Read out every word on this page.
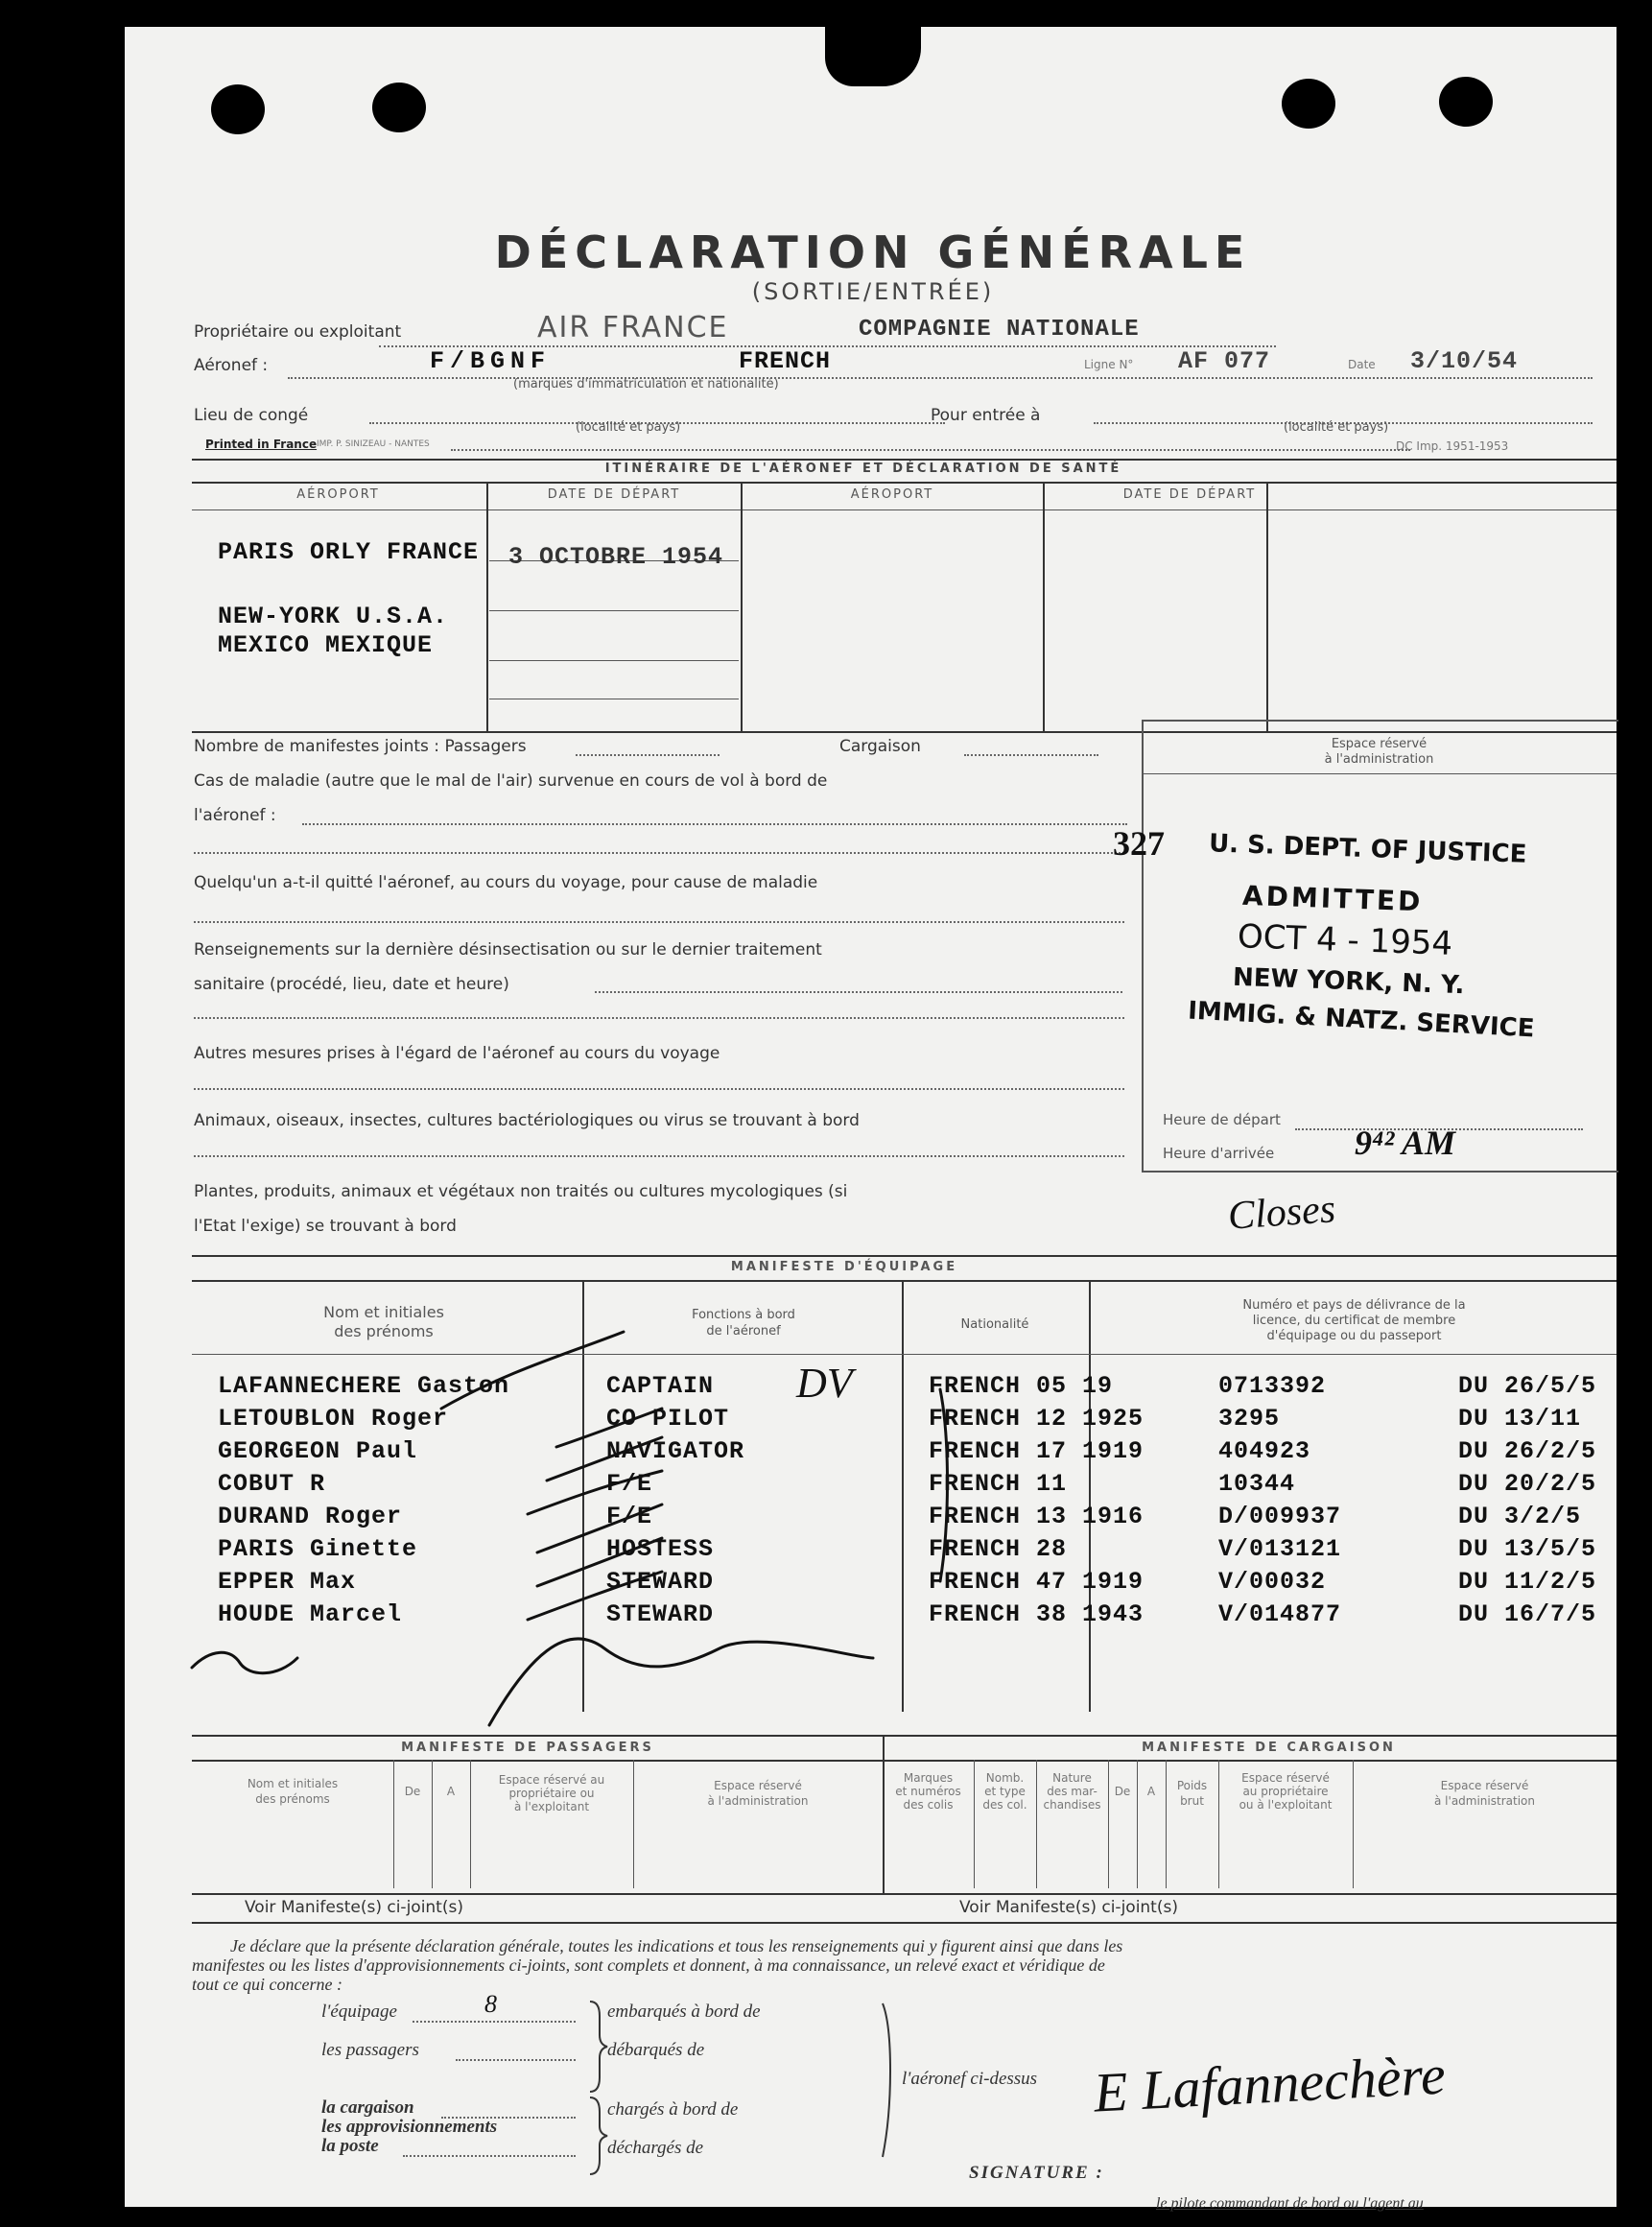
DÉCLARATION GÉNÉRALE
(SORTIE/ENTRÉE)
Propriétaire ou exploitant	AIR FRANCE	COMPAGNIE NATIONALE
Aéronef :	F/BGNF	FRENCH
(marques d'immatriculation et nationalité)
Ligne N° AF 077	Date 3/10/54
Lieu de congé
(localité et pays)
Pour entrée à
(localité et pays)
Printed in France IMP. P. SINIZEAU - NANTES	DC Imp. 1951-1953
ITINÉRAIRE DE L'AÉRONEF ET DÉCLARATION DE SANTÉ
AÉROPORT	DATE DE DÉPART	AÉROPORT	DATE DE DÉPART
PARIS ORLY FRANCE 3 OCTOBRE 1954
NEW-YORK U.S.A.
MEXICO MEXIQUE
Nombre de manifestes joints : Passagers	Cargaison
Cas de maladie (autre que le mal de l'air) survenue en cours de vol à bord de
l'aéronef :
Quelqu'un a-t-il quitté l'aéronef, au cours du voyage, pour cause de maladie
Renseignements sur la dernière désinsectisation ou sur le dernier traitement
sanitaire (procédé, lieu, date et heure)
Autres mesures prises à l'égard de l'aéronef au cours du voyage
Animaux, oiseaux, insectes, cultures bactériologiques ou virus se trouvant à bord
Plantes, produits, animaux et végétaux non traités ou cultures mycologiques (si
l'Etat l'exige) se trouvant à bord
Espace réservé
à l'administration
327 U. S. DEPT. OF JUSTICE
ADMITTED
OCT 4 - 1954
NEW YORK, N. Y.
IMMIG. & NATZ. SERVICE
Heure de départ
Heure d'arrivée 9⁴² AM
Closes
MANIFESTE D'ÉQUIPAGE
Nom et initiales
des prénoms
Fonctions à bord
de l'aéronef	Nationalité
Numéro et pays de délivrance de la
licence, du certificat de membre
d'équipage ou du passeport
LAFANNECHERE Gaston	CAPTAIN	FRENCH 05 19	0713392	DU 26/5/5
LETOUBLON Roger	CO PILOT	FRENCH 12 1925	3295	DU 13/11
GEORGEON Paul	NAVIGATOR	FRENCH 17 1919	404923	DU 26/2/5
COBUT R	F/E	FRENCH 11	10344	DU 20/2/5
DURAND Roger	F/E	FRENCH 13 1916	D/009937	DU 3/2/5
PARIS Ginette	HOSTESS	FRENCH 28	V/013121	DU 13/5/5
EPPER Max	STEWARD	FRENCH 47 1919	V/00032	DU 11/2/5
HOUDE Marcel	STEWARD	FRENCH 38 1943	V/014877	DU 16/7/5
DV
MANIFESTE DE PASSAGERS	MANIFESTE DE CARGAISON
Nom et initiales
des prénoms
De	A
Espace réservé au
propriétaire ou
à l'exploitant
Espace réservé
à l'administration
Marques
et numéros
des colis
Nomb.
et type
des col.
Nature
des mar-
chandises
De	A	Poids
brut
Espace réservé
au propriétaire
ou à l'exploitant
Espace réservé
à l'administration
Voir Manifeste(s) ci-joint(s)	Voir Manifeste(s) ci-joint(s)
Je déclare que la présente déclaration générale, toutes les indications et tous les renseignements qui y figurent ainsi que dans les
manifestes ou les listes d'approvisionnements ci-joints, sont complets et donnent, à ma connaissance, un relevé exact et véridique de
tout ce qui concerne :
l'équipage	8	embarqués à bord de
les passagers	débarqués de
l'aéronef ci-dessus
la cargaison
les approvisionnements
la poste
chargés à bord de
déchargés de
SIGNATURE :
E Lafannechère
le pilote commandant de bord ou l'agent au
